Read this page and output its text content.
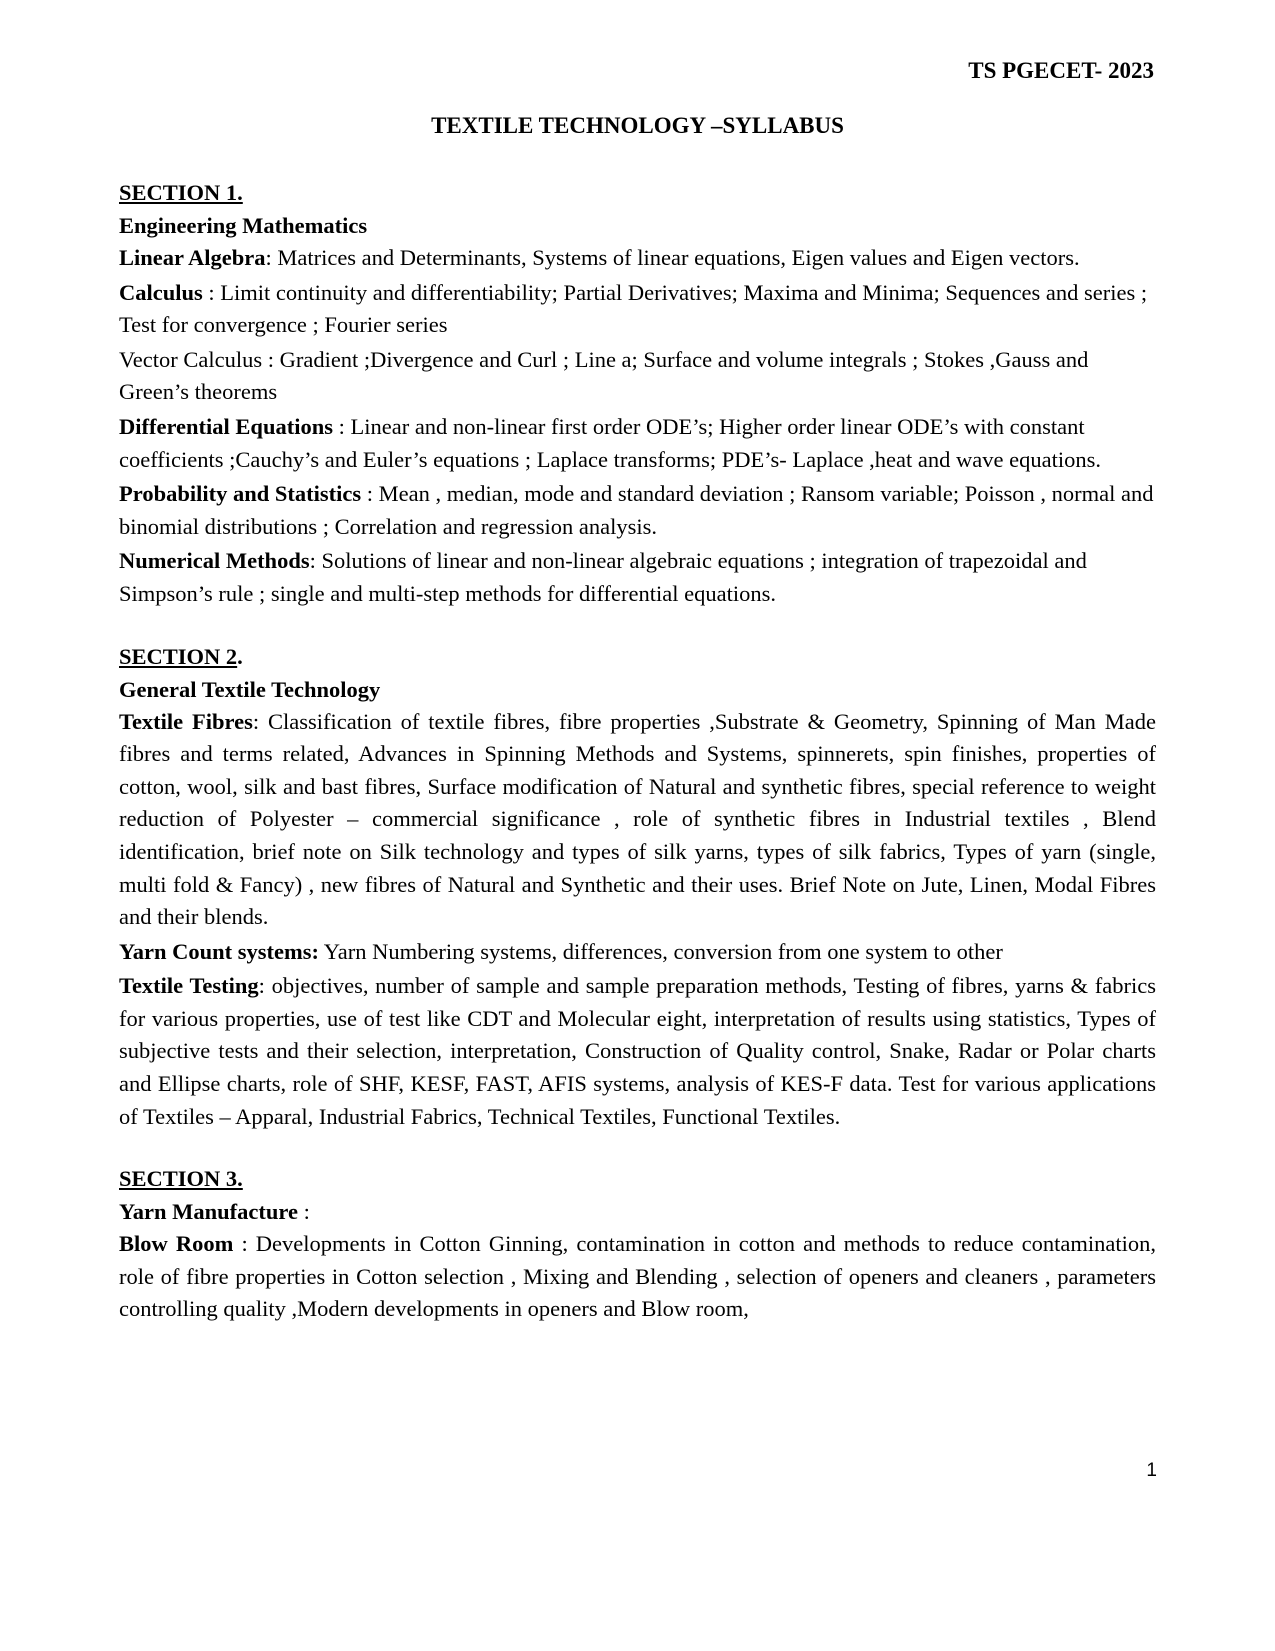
TS PGECET- 2023
TEXTILE TECHNOLOGY –SYLLABUS
SECTION 1.
Engineering Mathematics

Linear Algebra: Matrices and Determinants, Systems of linear equations, Eigen values and Eigen vectors.

Calculus : Limit continuity and differentiability; Partial Derivatives; Maxima and Minima; Sequences and series ; Test for convergence ; Fourier series

Vector Calculus : Gradient ;Divergence and Curl ; Line a; Surface and volume integrals ; Stokes ,Gauss and Green’s theorems

Differential Equations : Linear and non-linear first order ODE’s; Higher order linear ODE’s with constant coefficients ;Cauchy’s and Euler’s equations ; Laplace transforms; PDE’s- Laplace ,heat and wave equations.

Probability and Statistics : Mean , median, mode and standard deviation ; Ransom variable; Poisson , normal and binomial distributions ; Correlation and regression analysis.

Numerical Methods: Solutions of linear and non-linear algebraic equations ; integration of trapezoidal and Simpson’s rule ; single and multi-step methods for differential equations.

SECTION 2.
General Textile Technology

Textile Fibres: Classification of textile fibres, fibre properties ,Substrate & Geometry, Spinning of Man Made fibres and terms related, Advances in Spinning Methods and Systems, spinnerets, spin finishes, properties of cotton, wool, silk and bast fibres, Surface modification of Natural and synthetic fibres, special reference to weight reduction of Polyester – commercial significance , role of synthetic fibres in Industrial textiles , Blend identification, brief note on Silk technology and types of silk yarns, types of silk fabrics, Types of yarn (single, multi fold & Fancy) , new fibres of Natural and Synthetic and their uses. Brief Note on Jute, Linen, Modal Fibres and their blends.

Yarn Count systems: Yarn Numbering systems, differences, conversion from one system to other

Textile Testing: objectives, number of sample and sample preparation methods, Testing of fibres, yarns & fabrics for various properties, use of test like CDT and Molecular eight, interpretation of results using statistics, Types of subjective tests and their selection, interpretation, Construction of Quality control, Snake, Radar or Polar charts and Ellipse charts, role of SHF, KESF, FAST, AFIS systems, analysis of KES-F data. Test for various applications of Textiles – Apparal, Industrial Fabrics, Technical Textiles, Functional Textiles.

SECTION 3.
Yarn Manufacture :

Blow Room : Developments in Cotton Ginning, contamination in cotton and methods to reduce contamination, role of fibre properties in Cotton selection , Mixing and Blending , selection of openers and cleaners , parameters controlling quality ,Modern developments in openers and Blow room,

1
